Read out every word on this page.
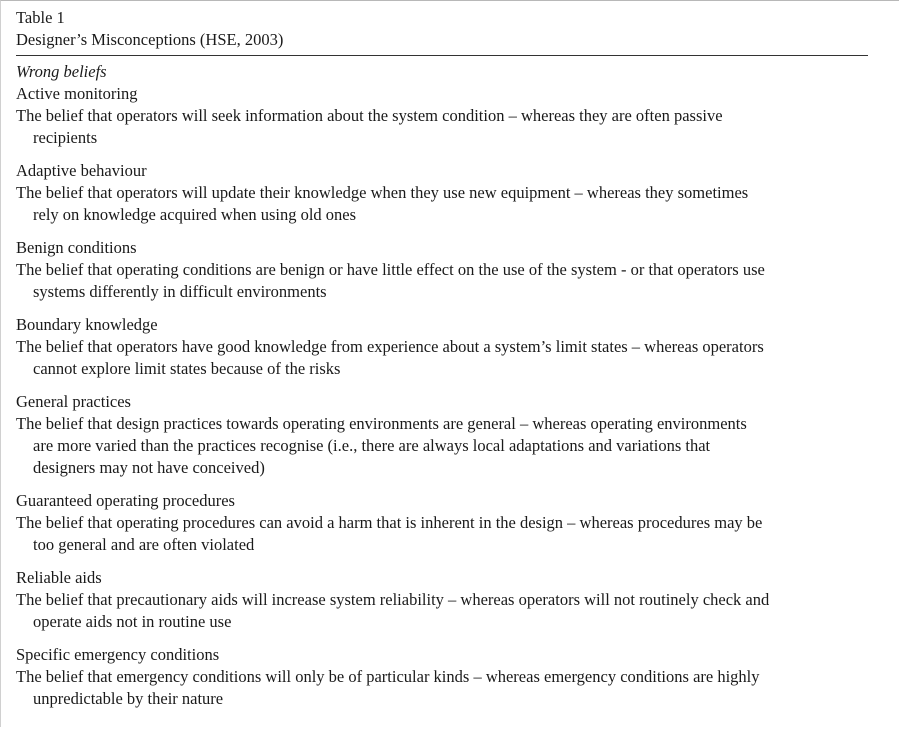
Table 1
Designer’s Misconceptions (HSE, 2003)
Wrong beliefs
Active monitoring
The belief that operators will seek information about the system condition – whereas they are often passive
recipients
Adaptive behaviour
The belief that operators will update their knowledge when they use new equipment – whereas they sometimes
rely on knowledge acquired when using old ones
Benign conditions
The belief that operating conditions are benign or have little effect on the use of the system - or that operators use
systems differently in difficult environments
Boundary knowledge
The belief that operators have good knowledge from experience about a system’s limit states – whereas operators
cannot explore limit states because of the risks
General practices
The belief that design practices towards operating environments are general – whereas operating environments
are more varied than the practices recognise (i.e., there are always local adaptations and variations that
designers may not have conceived)
Guaranteed operating procedures
The belief that operating procedures can avoid a harm that is inherent in the design – whereas procedures may be
too general and are often violated
Reliable aids
The belief that precautionary aids will increase system reliability – whereas operators will not routinely check and
operate aids not in routine use
Specific emergency conditions
The belief that emergency conditions will only be of particular kinds – whereas emergency conditions are highly
unpredictable by their nature
